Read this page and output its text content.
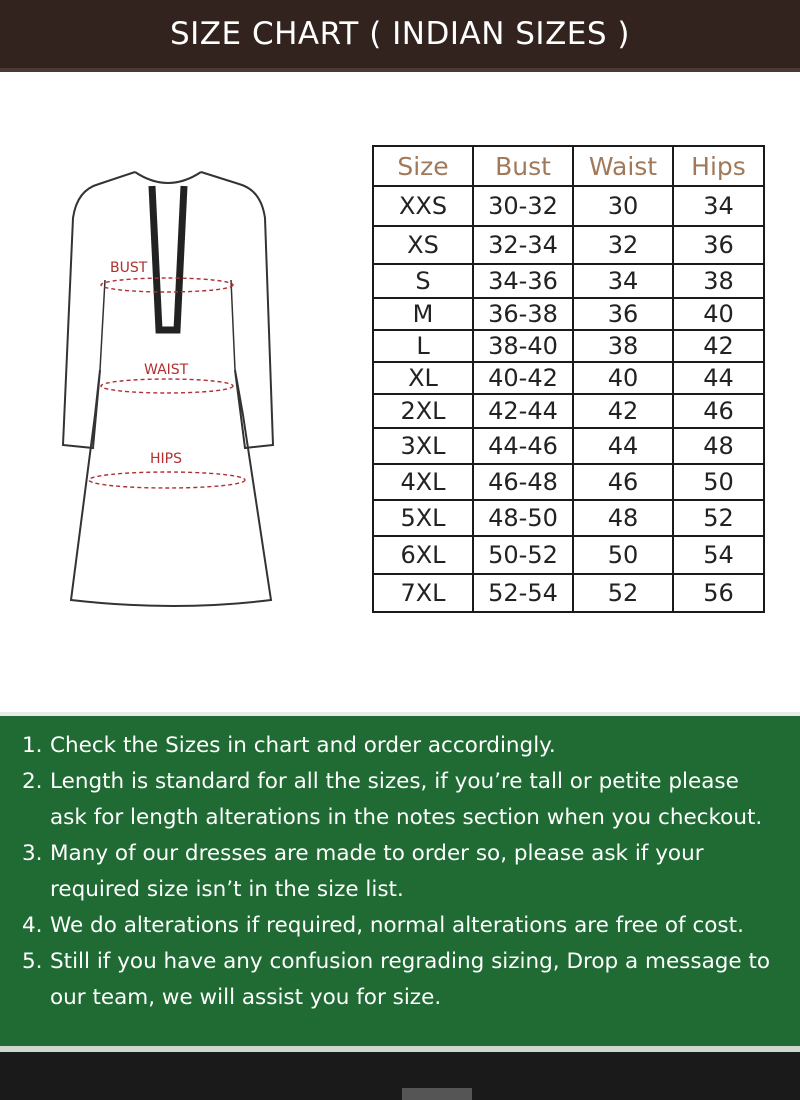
SIZE CHART ( INDIAN SIZES )
BUST
WAIST
HIPS
Size	Bust	Waist	Hips
XXS	30-32	30	34
XS	32-34	32	36
S	34-36	34	38
M	36-38	36	40
L	38-40	38	42
XL	40-42	40	44
2XL	42-44	42	46
3XL	44-46	44	48
4XL	46-48	46	50
5XL	48-50	48	52
6XL	50-52	50	54
7XL	52-54	52	56
1. Check the Sizes in chart and order accordingly.
2. Length is standard for all the sizes, if you’re tall or petite please
ask for length alterations in the notes section when you checkout.
3. Many of our dresses are made to order so, please ask if your
required size isn’t in the size list.
4. We do alterations if required, normal alterations are free of cost.
5. Still if you have any confusion regrading sizing, Drop a message to
our team, we will assist you for size.
